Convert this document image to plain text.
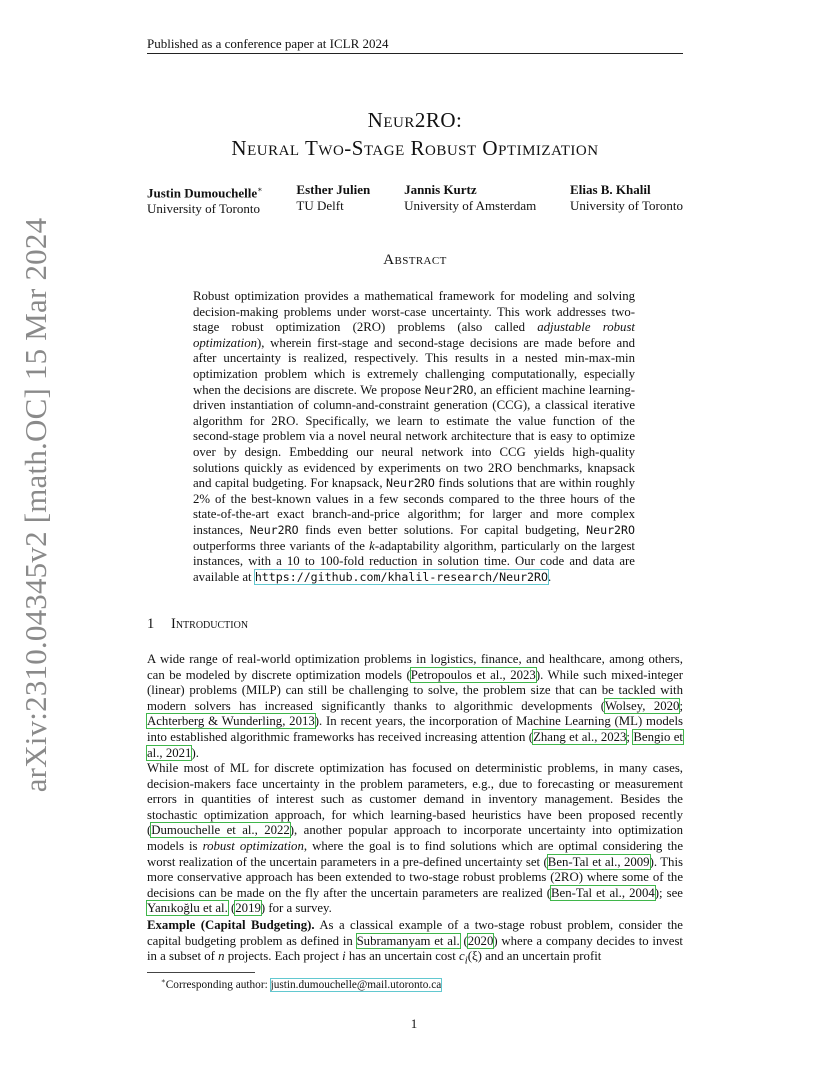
Published as a conference paper at ICLR 2024
arXiv:2310.04345v2 [math.OC] 15 Mar 2024
Neur2RO:
Neural Two-Stage Robust Optimization
Justin Dumouchelle∗
University of Toronto
Esther Julien
TU Delft
Jannis Kurtz
University of Amsterdam
Elias B. Khalil
University of Toronto
Abstract
Robust optimization provides a mathematical framework for modeling and solving decision-making problems under worst-case uncertainty. This work addresses two-stage robust optimization (2RO) problems (also called adjustable robust optimization), wherein first-stage and second-stage decisions are made before and after uncertainty is realized, respectively. This results in a nested min-max-min optimization problem which is extremely challenging computationally, especially when the decisions are discrete. We propose Neur2RO, an efficient machine learning-driven instantiation of column-and-constraint generation (CCG), a classical iterative algorithm for 2RO. Specifically, we learn to estimate the value function of the second-stage problem via a novel neural network architecture that is easy to optimize over by design. Embedding our neural network into CCG yields high-quality solutions quickly as evidenced by experiments on two 2RO benchmarks, knapsack and capital budgeting. For knapsack, Neur2RO finds solutions that are within roughly 2% of the best-known values in a few seconds compared to the three hours of the state-of-the-art exact branch-and-price algorithm; for larger and more complex instances, Neur2RO finds even better solutions. For capital budgeting, Neur2RO outperforms three variants of the k-adaptability algorithm, particularly on the largest instances, with a 10 to 100-fold reduction in solution time. Our code and data are available at https://github.com/khalil-research/Neur2RO.
1 Introduction
A wide range of real-world optimization problems in logistics, finance, and healthcare, among others, can be modeled by discrete optimization models (Petropoulos et al., 2023). While such mixed-integer (linear) problems (MILP) can still be challenging to solve, the problem size that can be tackled with modern solvers has increased significantly thanks to algorithmic developments (Wolsey, 2020; Achterberg & Wunderling, 2013). In recent years, the incorporation of Machine Learning (ML) models into established algorithmic frameworks has received increasing attention (Zhang et al., 2023; Bengio et al., 2021).
While most of ML for discrete optimization has focused on deterministic problems, in many cases, decision-makers face uncertainty in the problem parameters, e.g., due to forecasting or measurement errors in quantities of interest such as customer demand in inventory management. Besides the stochastic optimization approach, for which learning-based heuristics have been proposed recently (Dumouchelle et al., 2022), another popular approach to incorporate uncertainty into optimization models is robust optimization, where the goal is to find solutions which are optimal considering the worst realization of the uncertain parameters in a pre-defined uncertainty set (Ben-Tal et al., 2009). This more conservative approach has been extended to two-stage robust problems (2RO) where some of the decisions can be made on the fly after the uncertain parameters are realized (Ben-Tal et al., 2004); see Yanıkoğlu et al. (2019) for a survey.
Example (Capital Budgeting). As a classical example of a two-stage robust problem, consider the capital budgeting problem as defined in Subramanyam et al. (2020) where a company decides to invest in a subset of n projects. Each project i has an uncertain cost $c_i(\xi)$ and an uncertain profit
∗Corresponding author: justin.dumouchelle@mail.utoronto.ca
1
